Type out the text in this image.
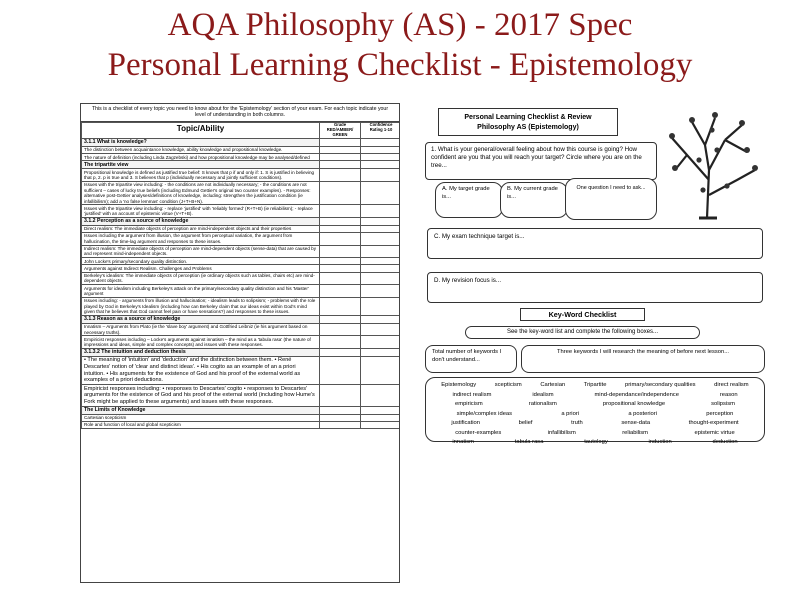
AQA Philosophy (AS) - 2017 Spec
Personal Learning Checklist - Epistemology
This is a checklist of every topic you need to know about for the 'Epistemology' section of your exam. For each topic indicate your level of understanding in both columns.
Topic/Ability	Grade RED/AMBER/ GREEN	Confidence Rating 1-10
3.1.1 What is knowledge?		
The distinction between acquaintance knowledge, ability knowledge and propositional knowledge.		
The nature of definition (including Linda Zagzebski) and how propositional knowledge may be analysed/defined		
The tripartite view		
Propositional knowledge is defined as justified true belief: S knows that p if and only if: 1. S is justified in believing that p, 2. p is true and 3. S believes that p (individually necessary and jointly sufficient conditions).		
Issues with the tripartite view including: - the conditions are not individually necessary; - the conditions are not sufficient – cases of lucky true beliefs (including Edmund Gettier's original two counter examples). - Responses: alternative post-Gettier analyses/definitions of knowledge, including: strengthen the justification condition (ie infallibilism); add a 'no false lemmas' condition (J+T+B+N).		
Issues with the tripartite view including: - replace 'justified' with 'reliably formed' (R+T+B) (ie reliabilism); - replace 'justified' with an account of epistemic virtue (V+T+B).		
3.1.2 Perception as a source of knowledge		
Direct realism: The immediate objects of perception are mind-independent objects and their properties		
Issues including the argument from illusion, the argument from perceptual variation, the argument from hallucination, the time-lag argument and responses to these issues.		
Indirect realism: The immediate objects of perception are mind-dependent objects (sense-data) that are caused by and represent mind-independent objects.		
John Locke's primary/secondary quality distinction.		
Arguments against Indirect Realism. Challenges and Problems		
Berkeley's idealism: The immediate objects of perception (ie ordinary objects such as tables, chairs etc) are mind-dependent objects.		
Arguments for idealism including Berkeley's attack on the primary/secondary quality distinction and his 'Master' argument		
Issues including: - arguments from illusion and hallucination; - idealism leads to solipsism; - problems with the role played by God in Berkeley's Idealism (including how can Berkeley claim that our ideas exist within God's mind given that he believes that God cannot feel pain or have sensations?) and responses to these issues.		
3.1.3 Reason as a source of knowledge		
Innatism – Arguments from Plato (ie the 'slave boy' argument) and Gottfried Leibniz (ie his argument based on necessary truths).		
Empiricist responses including – Locke's arguments against innatism – the mind as a 'tabula rasa' (the nature of impressions and ideas, simple and complex concepts) and issues with these responses.		
3.1.3.2 The intuition and deduction thesis		
• The meaning of 'intuition' and 'deduction' and the distinction between them. • René Descartes' notion of 'clear and distinct ideas'. • His cogito as an example of an a priori intuition. • His arguments for the existence of God and his proof of the external world as examples of a priori deductions.		
Empiricist responses including: • responses to Descartes' cogito • responses to Descartes' arguments for the existence of God and his proof of the external world (including how Hume's Fork might be applied to these arguments) and issues with these responses.		
The Limits of Knowledge		
Cartesian scepticism		
Role and function of local and global scepticism		
Personal Learning Checklist & Review
Philosophy AS (Epistemology)
1. What is your general/overall feeling about how this course is going? How confident are you that you will reach your target? Circle where you are on the tree...
A. My target grade is...
B. My current grade is...
One question I need to ask...
C. My exam technique target is...
D. My revision focus is...
Key-Word Checklist
See the key-word list and complete the following boxes...
Total number of keywords I don't understand...
Three keywords I will research the meaning of before next lesson...
Epistemology	scepticism	Cartesian	Tripartite	primary/secondary qualities	direct realism
indirect realism	idealism	mind-dependance/independence	reason
empiricism	rationalism	propositional knowledge	solipsism
simple/complex ideas	a priori	a posteriori	perception
justification	belief	truth	sense-data	thought-experiment
counter-examples	infallibilism	reliabilism	epistemic virtue
innatism	tabula rasa	tautology	induction	deduction
